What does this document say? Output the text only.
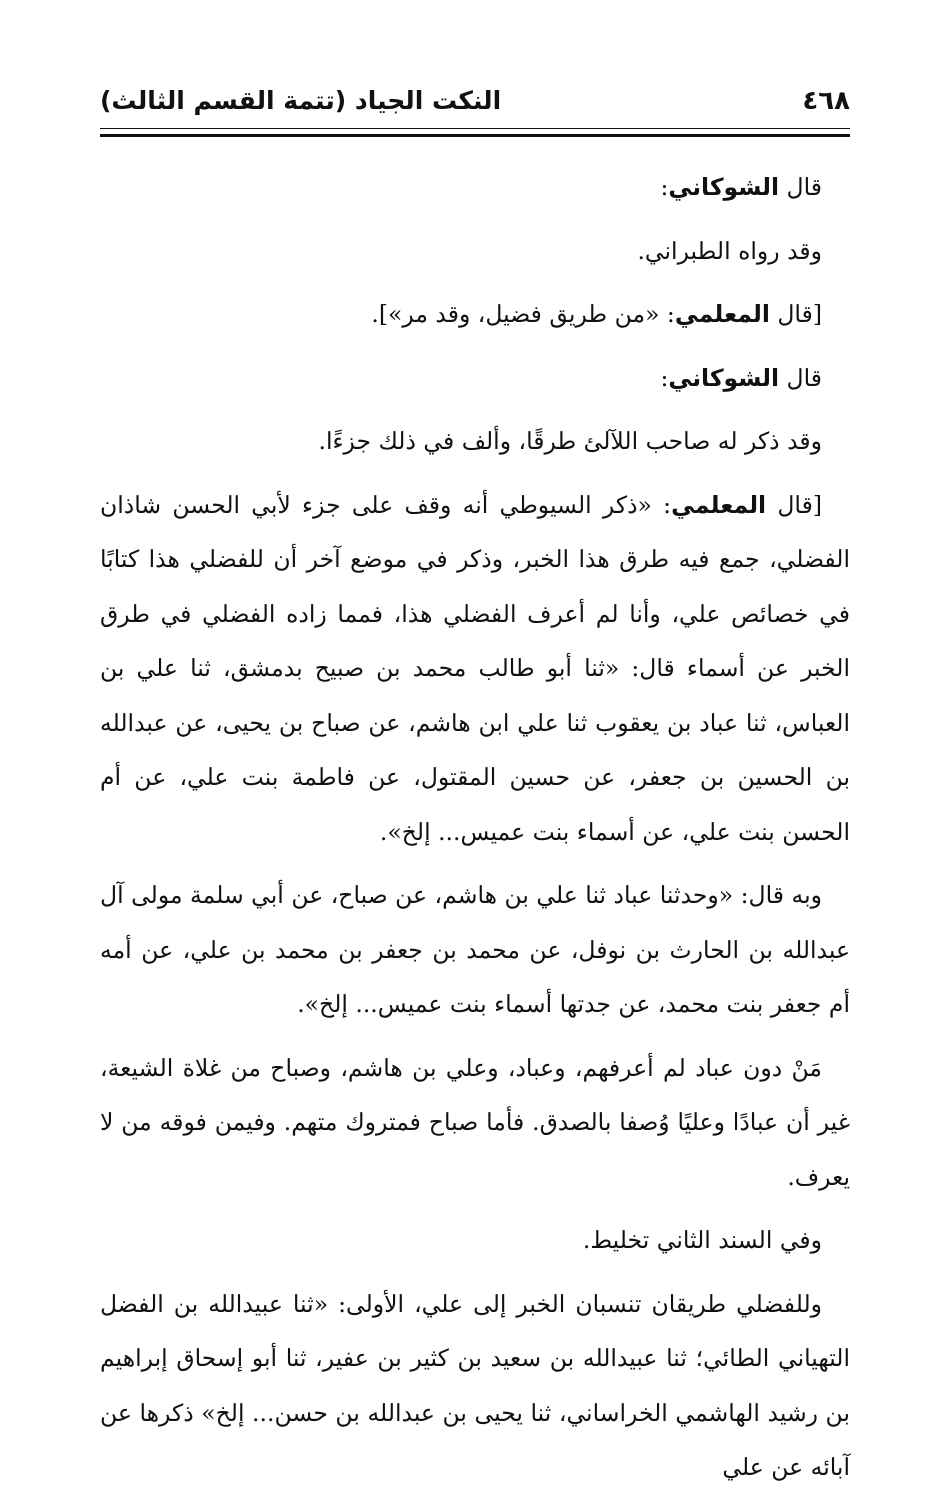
٤٦٨
النكت الجياد (تتمة القسم الثالث)

قال الشوكاني:

وقد رواه الطبراني.

[قال المعلمي: «من طريق فضيل، وقد مر»].

قال الشوكاني:

وقد ذكر له صاحب اللآلئ طرقًا، وألف في ذلك جزءًا.

[قال المعلمي: «ذكر السيوطي أنه وقف على جزء لأبي الحسن شاذان الفضلي، جمع فيه طرق هذا الخبر، وذكر في موضع آخر أن للفضلي هذا كتابًا في خصائص علي، وأنا لم أعرف الفضلي هذا، فمما زاده الفضلي في طرق الخبر عن أسماء قال: «ثنا أبو طالب محمد بن صبيح بدمشق، ثنا علي بن العباس، ثنا عباد بن يعقوب ثنا علي ابن هاشم، عن صباح بن يحيى، عن عبدالله بن الحسين بن جعفر، عن حسين المقتول، عن فاطمة بنت علي، عن أم الحسن بنت علي، عن أسماء بنت عميس... إلخ».

وبه قال: «وحدثنا عباد ثنا علي بن هاشم، عن صباح، عن أبي سلمة مولى آل عبدالله بن الحارث بن نوفل، عن محمد بن جعفر بن محمد بن علي، عن أمه أم جعفر بنت محمد، عن جدتها أسماء بنت عميس... إلخ».

مَنْ دون عباد لم أعرفهم، وعباد، وعلي بن هاشم، وصباح من غلاة الشيعة، غير أن عبادًا وعليًا وُصفا بالصدق. فأما صباح فمتروك متهم. وفيمن فوقه من لا يعرف.

وفي السند الثاني تخليط.

وللفضلي طريقان تنسبان الخبر إلى علي، الأولى: «ثنا عبيدالله بن الفضل التهياني الطائي؛ ثنا عبيدالله بن سعيد بن كثير بن عفير، ثنا أبو إسحاق إبراهيم بن رشيد الهاشمي الخراساني، ثنا يحيى بن عبدالله بن حسن... إلخ» ذكرها عن آبائه عن علي
